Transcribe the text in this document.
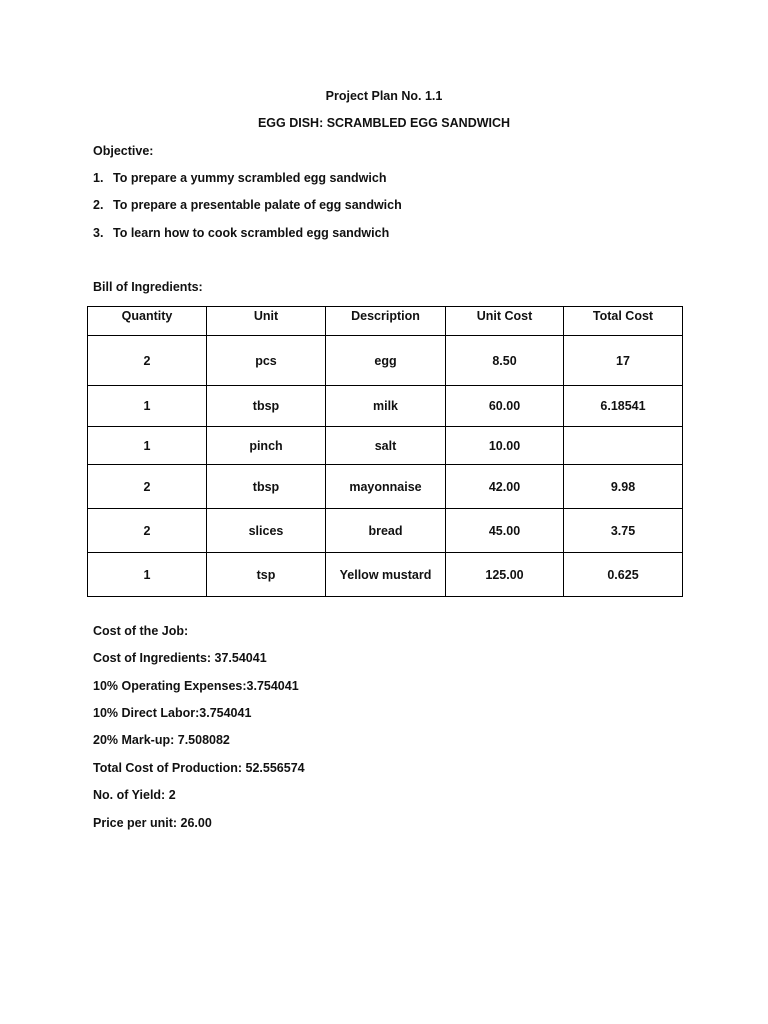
Project Plan No. 1.1
EGG DISH: SCRAMBLED EGG SANDWICH
Objective:
1. To prepare a yummy scrambled egg sandwich
2. To prepare a presentable palate of egg sandwich
3. To learn how to cook scrambled egg sandwich
Bill of Ingredients:
Quantity	Unit	Description	Unit Cost	Total Cost
2	pcs	egg	8.50	17
1	tbsp	milk	60.00	6.18541
1	pinch	salt	10.00	
2	tbsp	mayonnaise	42.00	9.98
2	slices	bread	45.00	3.75
1	tsp	Yellow mustard	125.00	0.625
Cost of the Job:
Cost of Ingredients: 37.54041
10% Operating Expenses:3.754041
10% Direct Labor:3.754041
20% Mark-up: 7.508082
Total Cost of Production: 52.556574
No. of Yield: 2
Price per unit: 26.00
